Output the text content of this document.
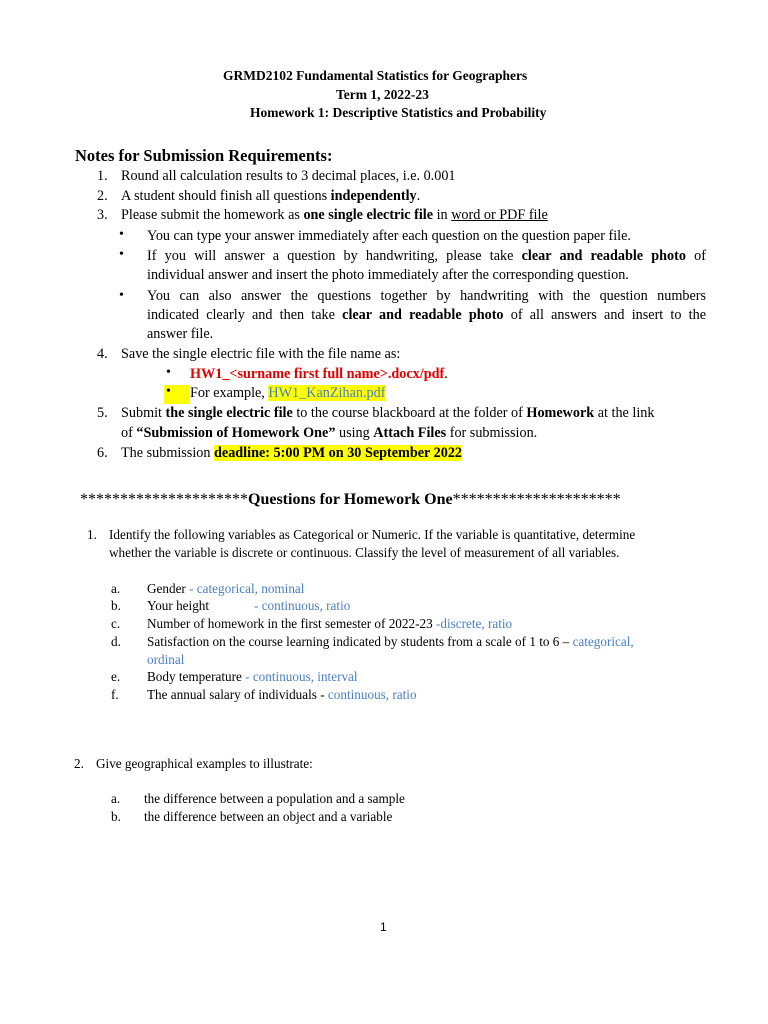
GRMD2102 Fundamental Statistics for Geographers
Term 1, 2022-23
Homework 1: Descriptive Statistics and Probability
Notes for Submission Requirements:
1. Round all calculation results to 3 decimal places, i.e. 0.001
2. A student should finish all questions independently.
3. Please submit the homework as one single electric file in word or PDF file
• You can type your answer immediately after each question on the question paper file.
• If you will answer a question by handwriting, please take clear and readable photo of
individual answer and insert the photo immediately after the corresponding question.
• You can also answer the questions together by handwriting with the question numbers
indicated clearly and then take clear and readable photo of all answers and insert to the
answer file.
4. Save the single electric file with the file name as:
• HW1_<surname first full name>.docx/pdf.
• For example, HW1_KanZihan.pdf
5. Submit the single electric file to the course blackboard at the folder of Homework at the link
of “Submission of Homework One” using Attach Files for submission.
6. The submission deadline: 5:00 PM on 30 September 2022
*********************Questions for Homework One*********************
1. Identify the following variables as Categorical or Numeric. If the variable is quantitative, determine
whether the variable is discrete or continuous. Classify the level of measurement of all variables.
a. Gender - categorical, nominal
b. Your height	- continuous, ratio
c. Number of homework in the first semester of 2022-23 -discrete, ratio
d. Satisfaction on the course learning indicated by students from a scale of 1 to 6 – categorical,
ordinal
e. Body temperature - continuous, interval
f. The annual salary of individuals - continuous, ratio
2. Give geographical examples to illustrate:
a. the difference between a population and a sample
b. the difference between an object and a variable
1
